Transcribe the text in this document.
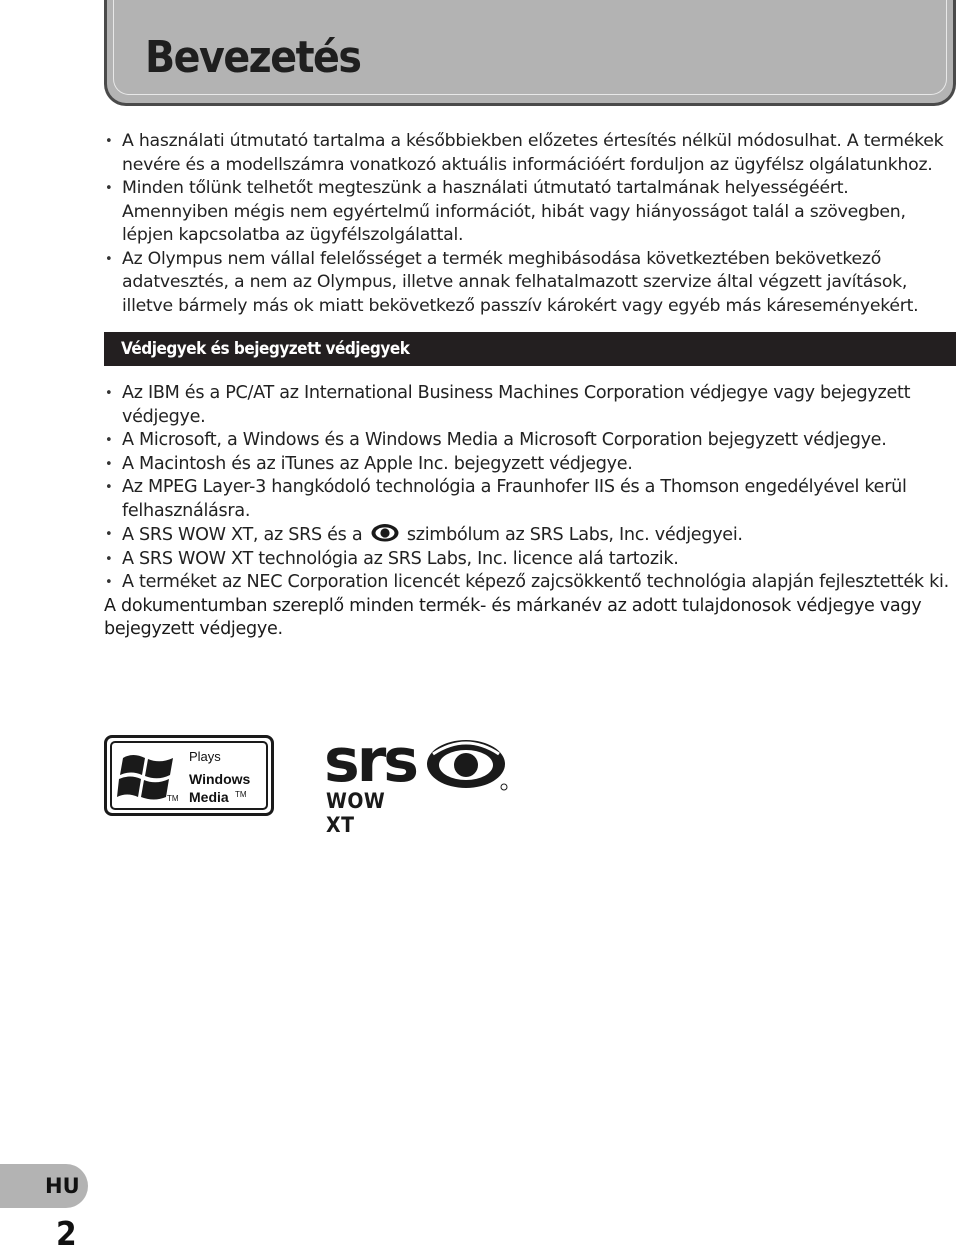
Bevezetés
• A használati útmutató tartalma a későbbiekben előzetes értesítés nélkül módosulhat. A termékek nevére és a modellszámra vonatkozó aktuális információért forduljon az ügyfélsz olgálatunkhoz.
• Minden tőlünk telhetőt megteszünk a használati útmutató tartalmának helyességéért. Amennyiben mégis nem egyértelmű információt, hibát vagy hiányosságot talál a szövegben, lépjen kapcsolatba az ügyfélszolgálattal.
• Az Olympus nem vállal felelősséget a termék meghibásodása következtében bekövetkező adatvesztés, a nem az Olympus, illetve annak felhatalmazott szervize által végzett javítások, illetve bármely más ok miatt bekövetkező passzív károkért vagy egyéb más káreseményekért.
Védjegyek és bejegyzett védjegyek
• Az IBM és a PC/AT az International Business Machines Corporation védjegye vagy bejegyzett védjegye.
• A Microsoft, a Windows és a Windows Media a Microsoft Corporation bejegyzett védjegye.
• A Macintosh és az iTunes az Apple Inc. bejegyzett védjegye.
• Az MPEG Layer-3 hangkódoló technológia a Fraunhofer IIS és a Thomson engedélyével kerül felhasználásra.
• A SRS WOW XT, az SRS és a	szimbólum az SRS Labs, Inc. védjegyei.
• A SRS WOW XT technológia az SRS Labs, Inc. licence alá tartozik.
• A terméket az NEC Corporation licencét képező zajcsökkentő technológia alapján fejlesztették ki.

A dokumentumban szereplő minden termék- és márkanév az adott tulajdonosok védjegye vagy bejegyzett védjegye.

TM
Plays
Windows
Media TM srs
WOW XT
HU
2
